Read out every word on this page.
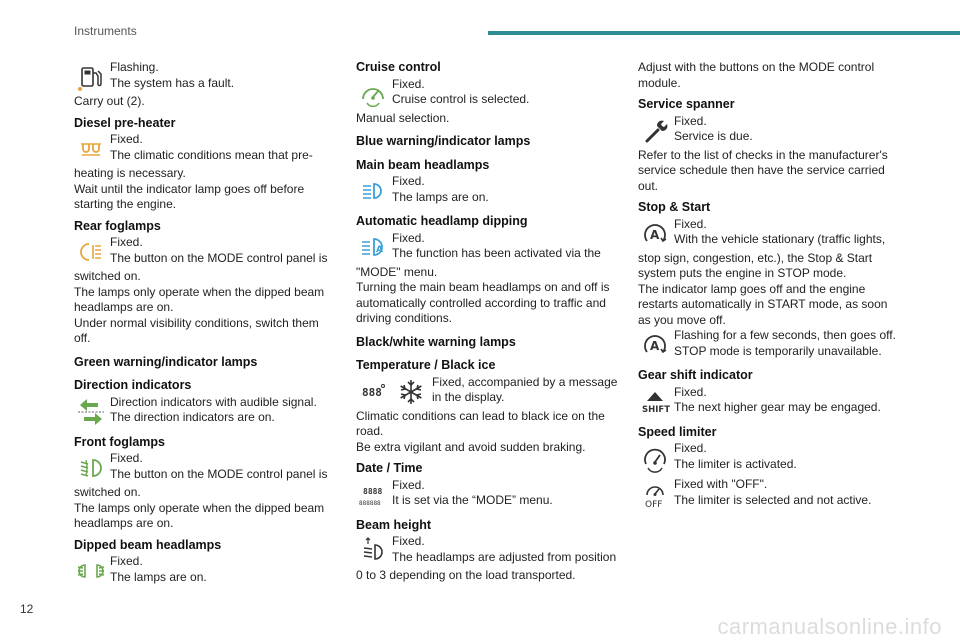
Instruments
Flashing.
The system has a fault.
Carry out (2).
Diesel pre-heater
Fixed.
The climatic conditions mean that pre-
heating is necessary.
Wait until the indicator lamp goes off before
starting the engine.
Rear foglamps
Fixed.
The button on the MODE control panel is
switched on.
The lamps only operate when the dipped beam
headlamps are on.
Under normal visibility conditions, switch them
off.
Green warning/indicator lamps
Direction indicators
Direction indicators with audible signal.
The direction indicators are on.
Front foglamps
Fixed.
The button on the MODE control panel is
switched on.
The lamps only operate when the dipped beam
headlamps are on.
Dipped beam headlamps
Fixed.
The lamps are on.
Cruise control
Fixed.
Cruise control is selected.
Manual selection.
Blue warning/indicator lamps
Main beam headlamps
Fixed.
The lamps are on.
Automatic headlamp dipping
A
Fixed.
The function has been activated via the
"MODE" menu.
Turning the main beam headlamps on and off is
automatically controlled according to traffic and
driving conditions.
Black/white warning lamps
Temperature / Black ice
888
Fixed, accompanied by a message
in the display.
Climatic conditions can lead to black ice on the
road.
Be extra vigilant and avoid sudden braking.
Date / Time
8888
888888
Fixed.
It is set via the “MODE” menu.
Beam height
Fixed.
The headlamps are adjusted from position
0 to 3 depending on the load transported.
Adjust with the buttons on the MODE control
module.
Service spanner
Fixed.
Service is due.
Refer to the list of checks in the manufacturer's
service schedule then have the service carried
out.
Stop & Start
A
Fixed.
With the vehicle stationary (traffic lights,
stop sign, congestion, etc.), the Stop & Start
system puts the engine in STOP mode.
The indicator lamp goes off and the engine
restarts automatically in START mode, as soon
as you move off.
A
Flashing for a few seconds, then goes off.
STOP mode is temporarily unavailable.
Gear shift indicator
SHIFT
Fixed.
The next higher gear may be engaged.
Speed limiter
Fixed.
The limiter is activated.
OFF
Fixed with "OFF".
The limiter is selected and not active.
12
carmanualsonline.info
